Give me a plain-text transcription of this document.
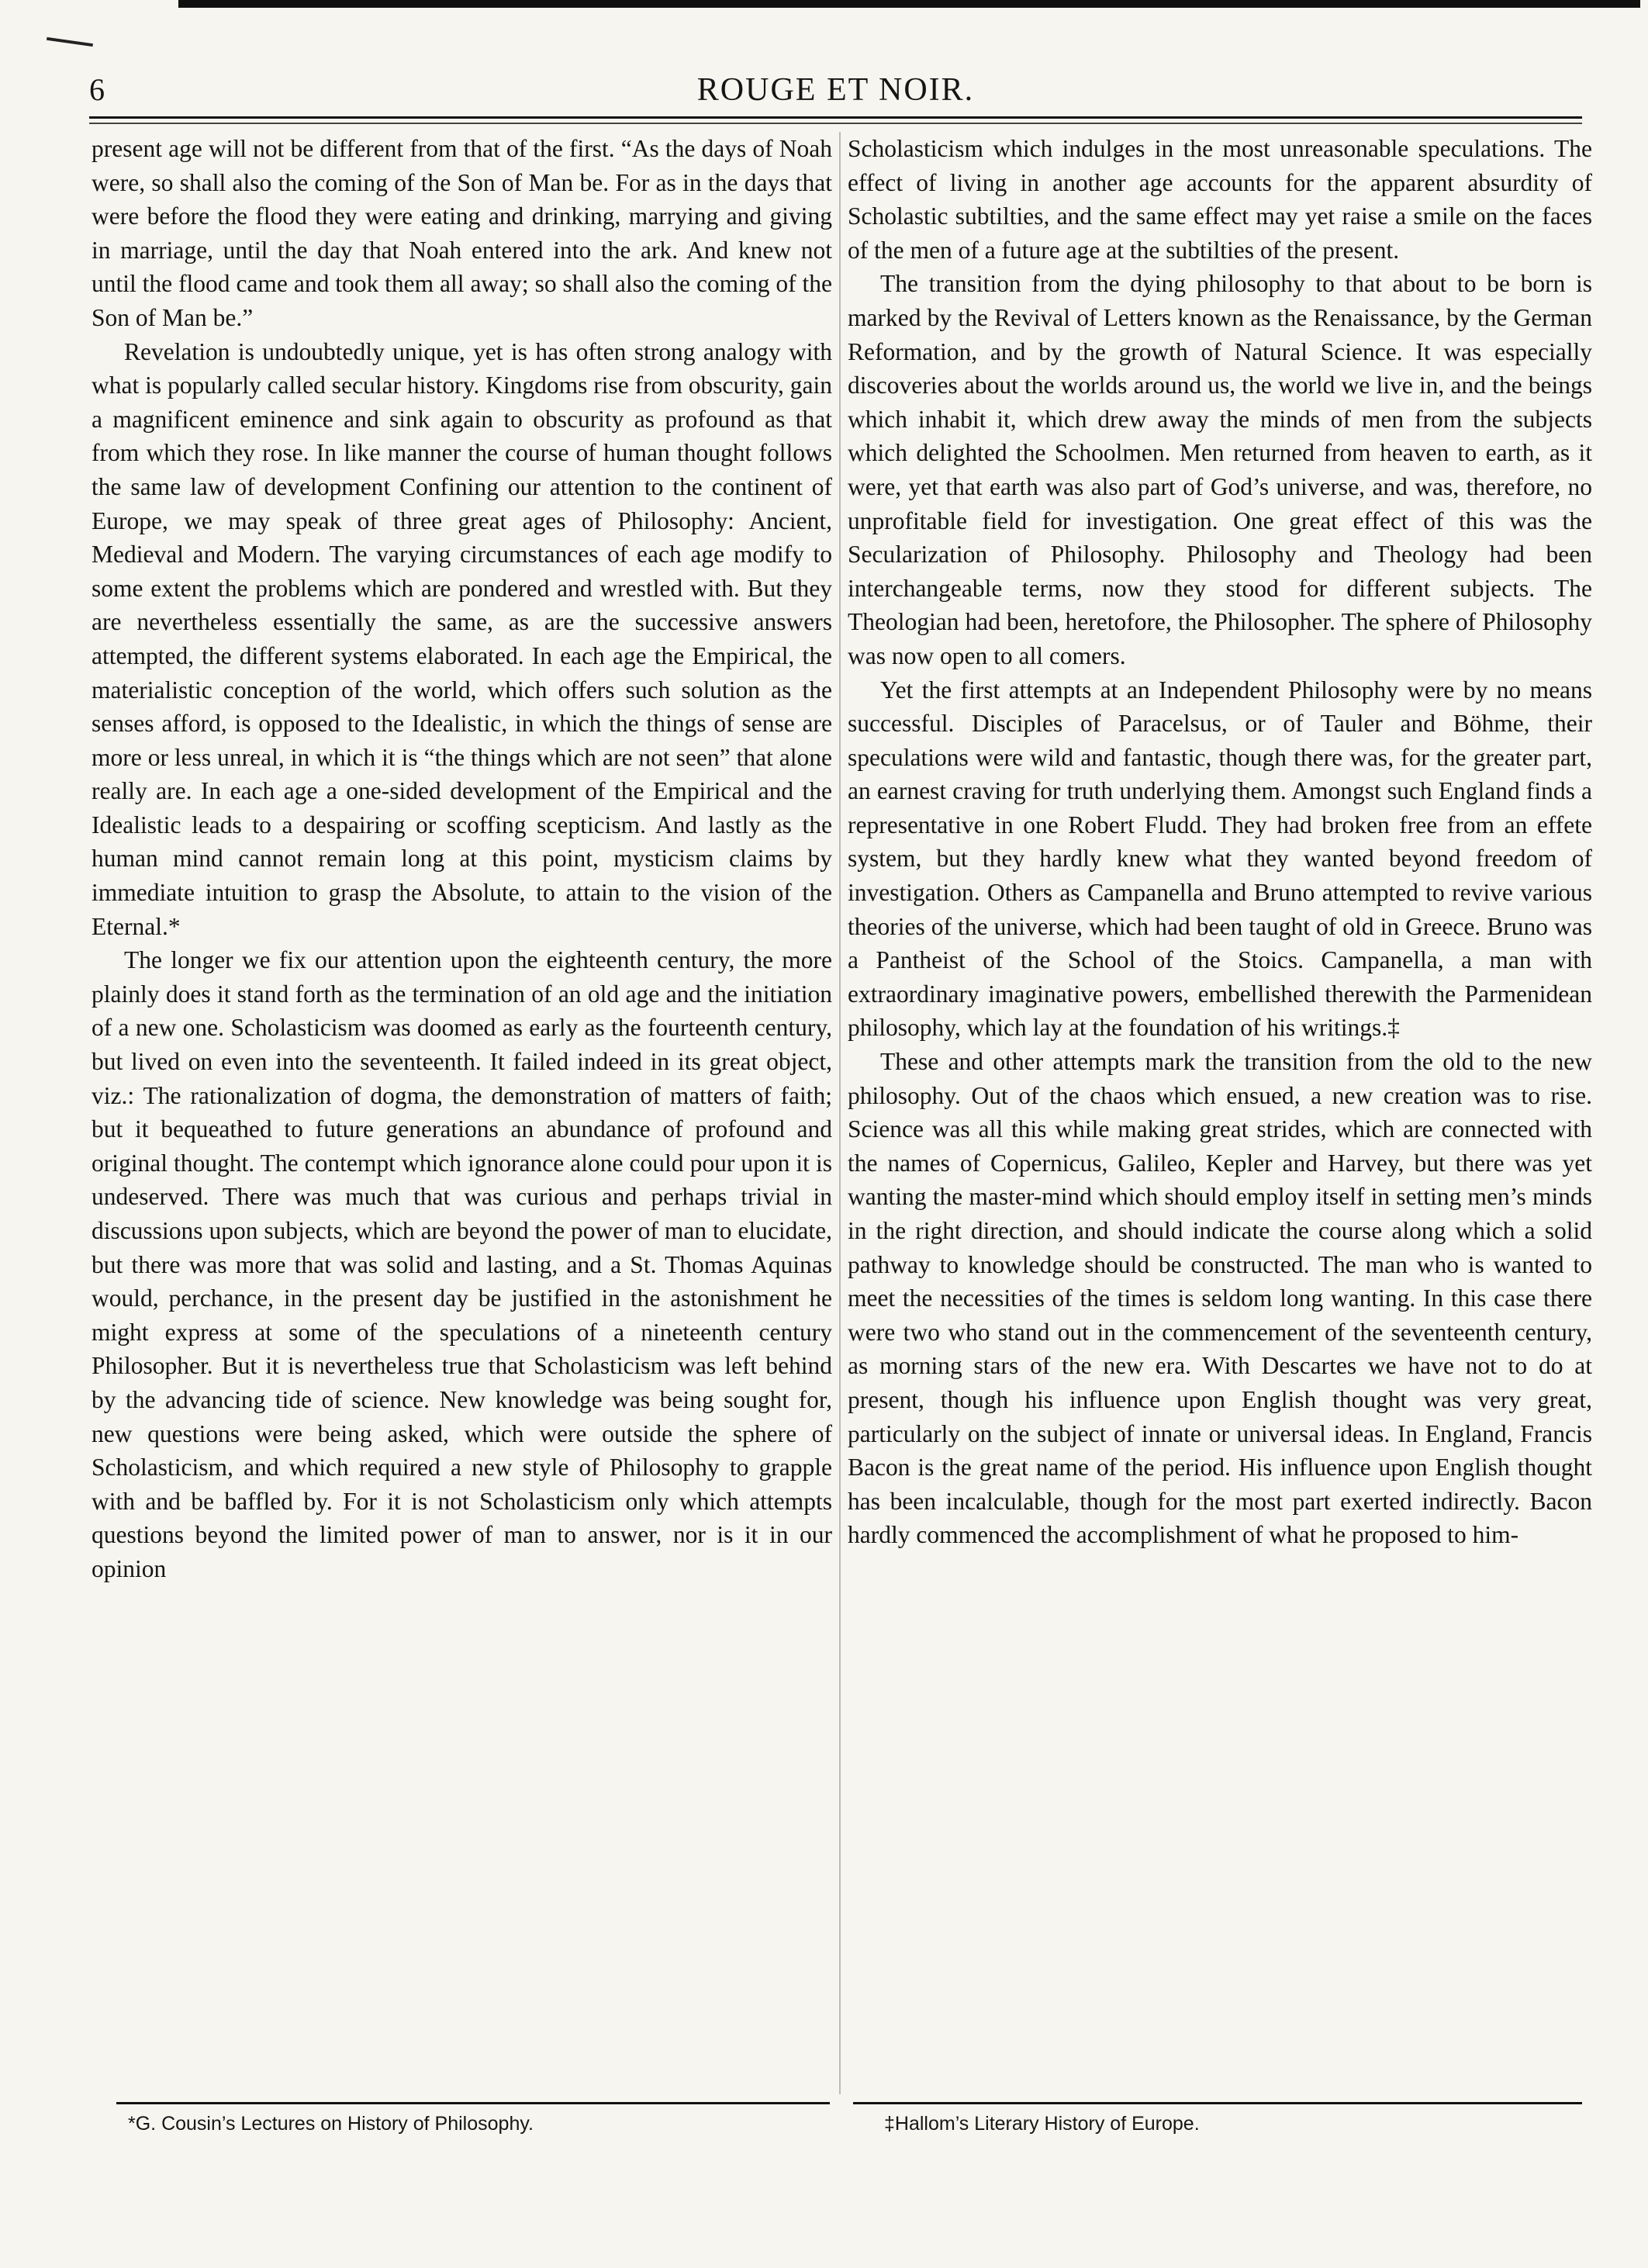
6	ROUGE ET NOIR.

present age will not be different from that of the first. “As the days of Noah were, so shall also the coming of the Son of Man be. For as in the days that were before the flood they were eating and drinking, marrying and giving in marriage, until the day that Noah entered into the ark. And knew not until the flood came and took them all away; so shall also the coming of the Son of Man be.”

Revelation is undoubtedly unique, yet is has often strong analogy with what is popularly called secular history. Kingdoms rise from obscurity, gain a magnificent eminence and sink again to obscurity as profound as that from which they rose. In like manner the course of human thought follows the same law of development Confining our attention to the continent of Europe, we may speak of three great ages of Philosophy: Ancient, Medieval and Modern. The varying circumstances of each age modify to some extent the problems which are pondered and wrestled with. But they are nevertheless essentially the same, as are the successive answers attempted, the different systems elaborated. In each age the Empirical, the materialistic conception of the world, which offers such solution as the senses afford, is opposed to the Idealistic, in which the things of sense are more or less unreal, in which it is “the things which are not seen” that alone really are. In each age a one-sided development of the Empirical and the Idealistic leads to a despairing or scoffing scepticism. And lastly as the human mind cannot remain long at this point, mysticism claims by immediate intuition to grasp the Absolute, to attain to the vision of the Eternal.*

The longer we fix our attention upon the eighteenth century, the more plainly does it stand forth as the termination of an old age and the initiation of a new one. Scholasticism was doomed as early as the fourteenth century, but lived on even into the seventeenth. It failed indeed in its great object, viz.: The rationalization of dogma, the demonstration of matters of faith; but it bequeathed to future generations an abundance of profound and original thought. The contempt which ignorance alone could pour upon it is undeserved. There was much that was curious and perhaps trivial in discussions upon subjects, which are beyond the power of man to elucidate, but there was more that was solid and lasting, and a St. Thomas Aquinas would, perchance, in the present day be justified in the astonishment he might express at some of the speculations of a nineteenth century Philosopher. But it is nevertheless true that Scholasticism was left behind by the advancing tide of science. New knowledge was being sought for, new questions were being asked, which were outside the sphere of Scholasticism, and which required a new style of Philosophy to grapple with and be baffled by. For it is not Scholasticism only which attempts questions beyond the limited power of man to answer, nor is it in our opinion

Scholasticism which indulges in the most unreasonable speculations. The effect of living in another age accounts for the apparent absurdity of Scholastic subtilties, and the same effect may yet raise a smile on the faces of the men of a future age at the subtilties of the present.

The transition from the dying philosophy to that about to be born is marked by the Revival of Letters known as the Renaissance, by the German Reformation, and by the growth of Natural Science. It was especially discoveries about the worlds around us, the world we live in, and the beings which inhabit it, which drew away the minds of men from the subjects which delighted the Schoolmen. Men returned from heaven to earth, as it were, yet that earth was also part of God’s universe, and was, therefore, no unprofitable field for investigation. One great effect of this was the Secularization of Philosophy. Philosophy and Theology had been interchangeable terms, now they stood for different subjects. The Theologian had been, heretofore, the Philosopher. The sphere of Philosophy was now open to all comers.

Yet the first attempts at an Independent Philosophy were by no means successful. Disciples of Paracelsus, or of Tauler and Böhme, their speculations were wild and fantastic, though there was, for the greater part, an earnest craving for truth underlying them. Amongst such England finds a representative in one Robert Fludd. They had broken free from an effete system, but they hardly knew what they wanted beyond freedom of investigation. Others as Campanella and Bruno attempted to revive various theories of the universe, which had been taught of old in Greece. Bruno was a Pantheist of the School of the Stoics. Campanella, a man with extraordinary imaginative powers, embellished therewith the Parmenidean philosophy, which lay at the foundation of his writings.‡

These and other attempts mark the transition from the old to the new philosophy. Out of the chaos which ensued, a new creation was to rise. Science was all this while making great strides, which are connected with the names of Copernicus, Galileo, Kepler and Harvey, but there was yet wanting the master-mind which should employ itself in setting men’s minds in the right direction, and should indicate the course along which a solid pathway to knowledge should be constructed. The man who is wanted to meet the necessities of the times is seldom long wanting. In this case there were two who stand out in the commencement of the seventeenth century, as morning stars of the new era. With Descartes we have not to do at present, though his influence upon English thought was very great, particularly on the subject of innate or universal ideas. In England, Francis Bacon is the great name of the period. His influence upon English thought has been incalculable, though for the most part exerted indirectly. Bacon hardly commenced the accomplishment of what he proposed to him-

*G. Cousin’s Lectures on History of Philosophy.	‡Hallom’s Literary History of Europe.
